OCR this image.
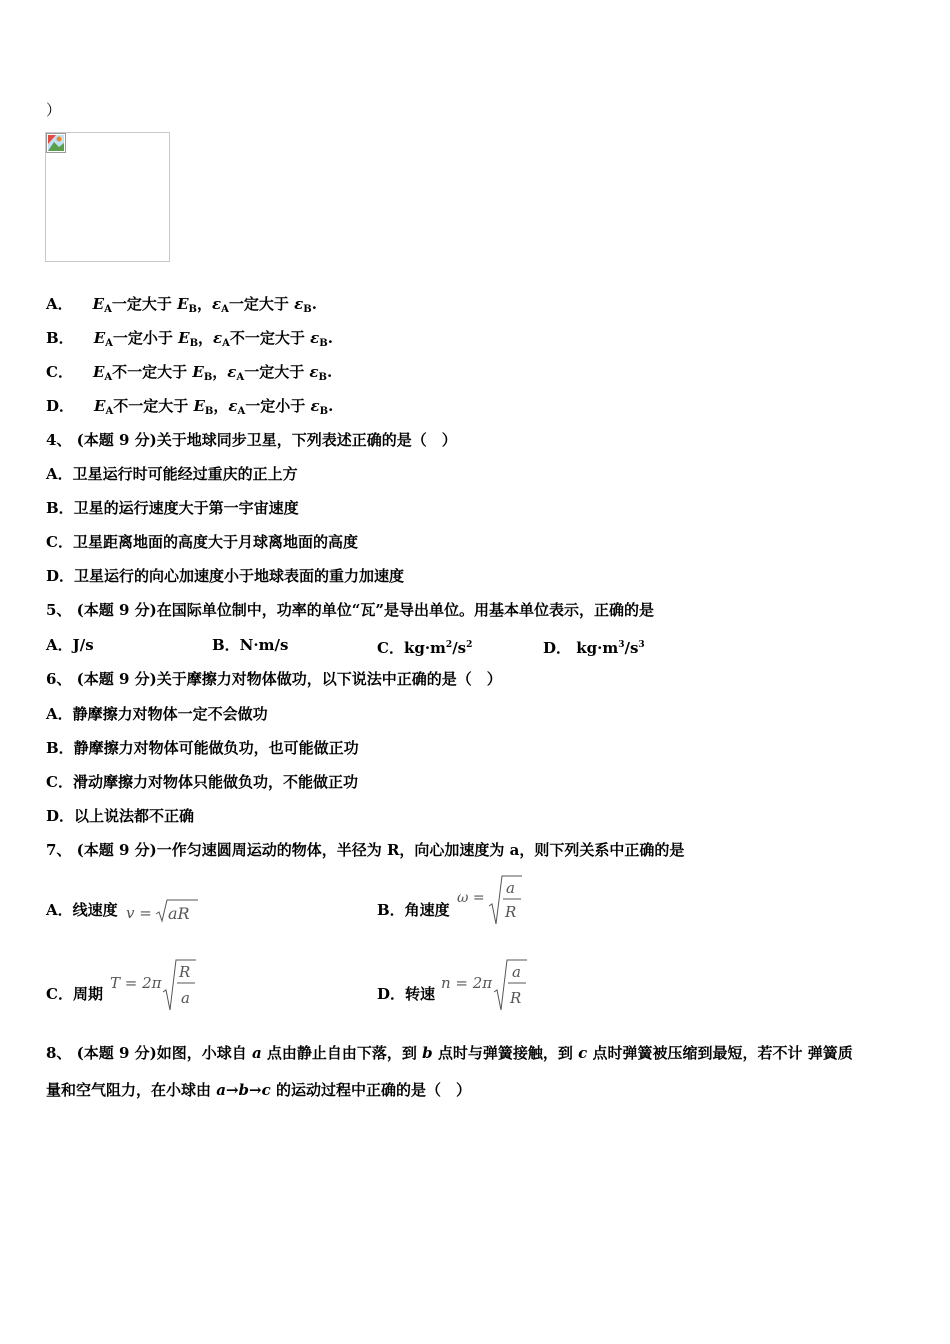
）
A． $E_A$一定大于 $E_B$，$\varepsilon_A$一定大于 $\varepsilon_B$.
B． $E_A$一定小于 $E_B$，$\varepsilon_A$不一定大于 $\varepsilon_B$.
C． $E_A$不一定大于 $E_B$，$\varepsilon_A$一定大于 $\varepsilon_B$.
D． $E_A$不一定大于 $E_B$，$\varepsilon_A$一定小于 $\varepsilon_B$.
4、 (本题 9 分)关于地球同步卫星，下列表述正确的是（　）
A．卫星运行时可能经过重庆的正上方
B．卫星的运行速度大于第一宇宙速度
C．卫星距离地面的高度大于月球离地面的高度
D．卫星运行的向心加速度小于地球表面的重力加速度
5、 (本题 9 分)在国际单位制中，功率的单位“瓦”是导出单位。用基本单位表示，正确的是
A．J/s	B．N·m/s	C．$kg\cdot m^2/s^2$	D． $kg\cdot m^3/s^3$
6、 (本题 9 分)关于摩擦力对物体做功，以下说法中正确的是（　）
A．静摩擦力对物体一定不会做功
B．静摩擦力对物体可能做负功，也可能做正功
C．滑动摩擦力对物体只能做负功，不能做正功
D．以上说法都不正确
7、 (本题 9 分)一作匀速圆周运动的物体，半径为 R，向心加速度为 a，则下列关系中正确的是
A．线速度 v = aR	B．角速度
ω =
a
R
C．周期
T = 2π
R
a	D．转速
n = 2π
a
R
8、 (本题 9 分)如图，小球自 a 点由静止自由下落，到 b 点时与弹簧接触，到 c 点时弹簧被压缩到最短，若不计 弹簧质
量和空气阻力，在小球由 a→b→c 的运动过程中正确的是（　）
